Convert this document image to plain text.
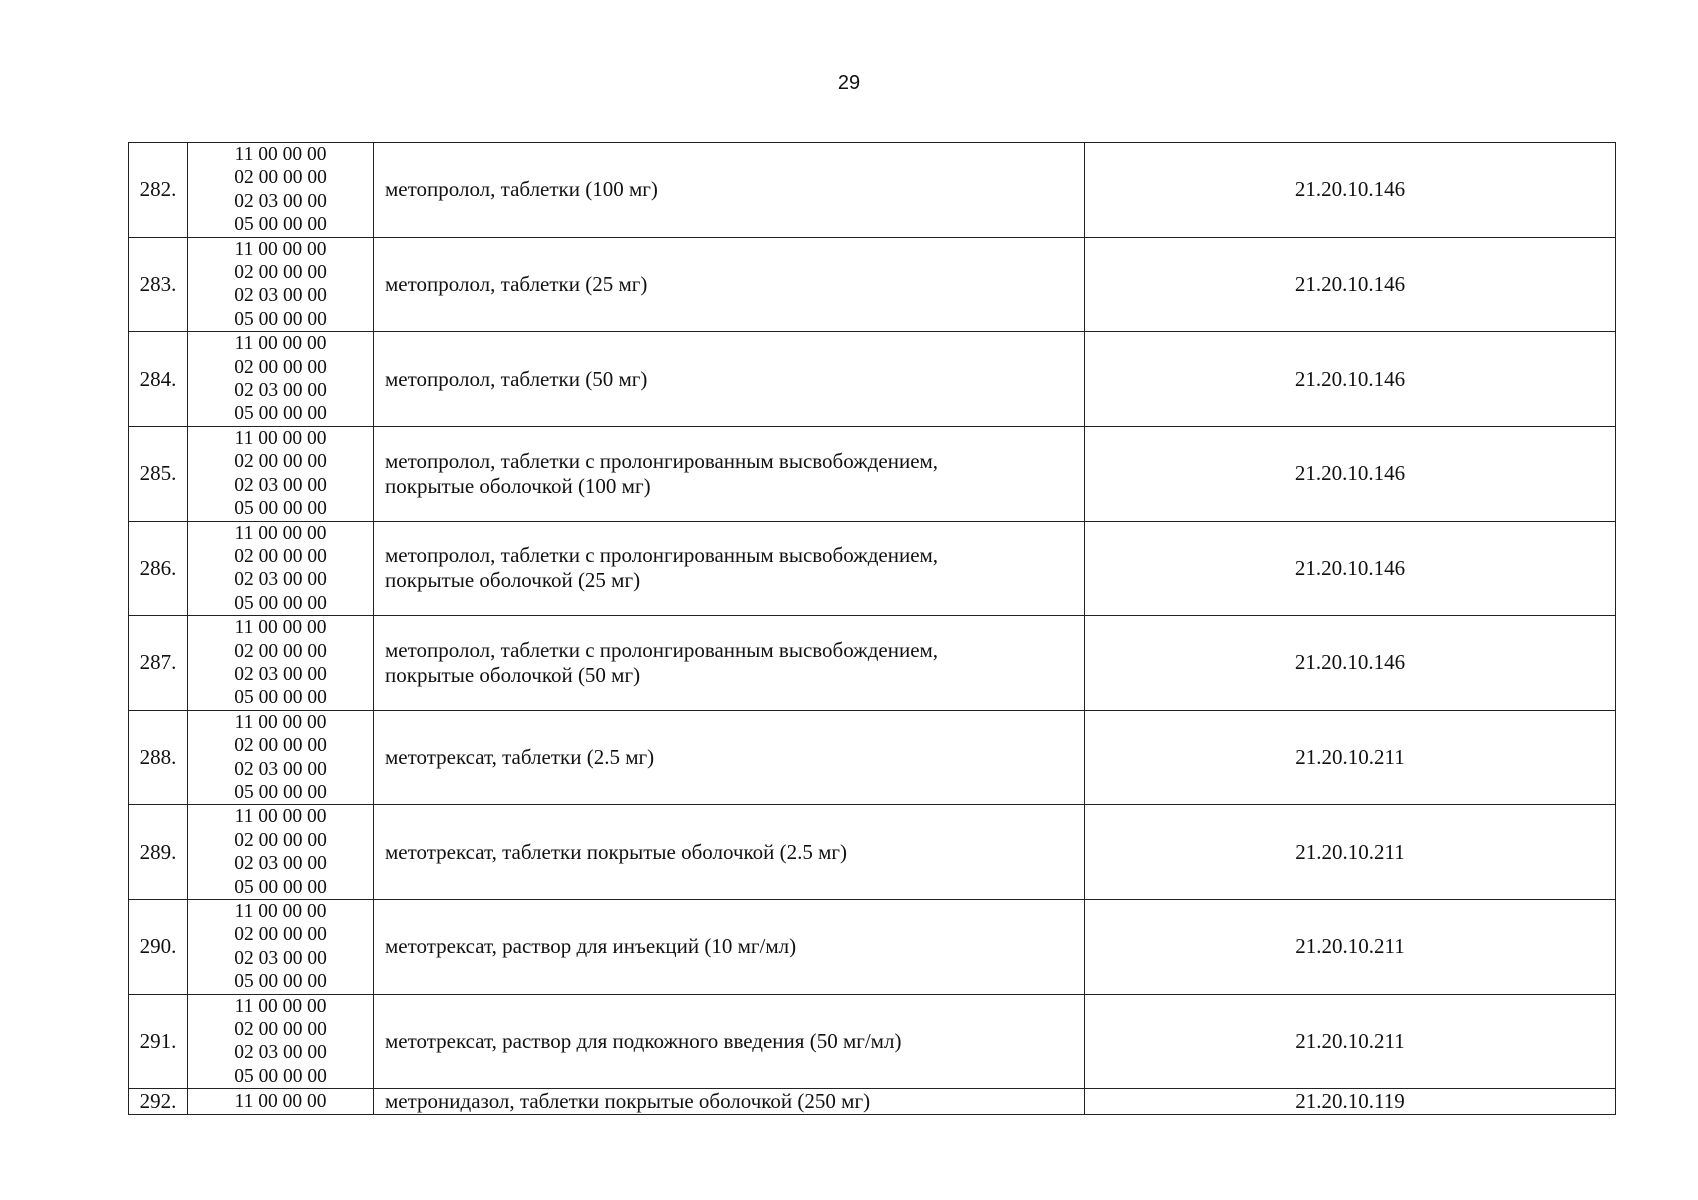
29
282.	11 00 00 00
02 00 00 00
02 03 00 00
05 00 00 00	метопролол, таблетки (100 мг)	21.20.10.146
283.	11 00 00 00
02 00 00 00
02 03 00 00
05 00 00 00	метопролол, таблетки (25 мг)	21.20.10.146
284.	11 00 00 00
02 00 00 00
02 03 00 00
05 00 00 00	метопролол, таблетки (50 мг)	21.20.10.146
285.	11 00 00 00
02 00 00 00
02 03 00 00
05 00 00 00	метопролол, таблетки с пролонгированным высвобождением,
покрытые оболочкой (100 мг)	21.20.10.146
286.	11 00 00 00
02 00 00 00
02 03 00 00
05 00 00 00	метопролол, таблетки с пролонгированным высвобождением,
покрытые оболочкой (25 мг)	21.20.10.146
287.	11 00 00 00
02 00 00 00
02 03 00 00
05 00 00 00	метопролол, таблетки с пролонгированным высвобождением,
покрытые оболочкой (50 мг)	21.20.10.146
288.	11 00 00 00
02 00 00 00
02 03 00 00
05 00 00 00	метотрексат, таблетки (2.5 мг)	21.20.10.211
289.	11 00 00 00
02 00 00 00
02 03 00 00
05 00 00 00	метотрексат, таблетки покрытые оболочкой (2.5 мг)	21.20.10.211
290.	11 00 00 00
02 00 00 00
02 03 00 00
05 00 00 00	метотрексат, раствор для инъекций (10 мг/мл)	21.20.10.211
291.	11 00 00 00
02 00 00 00
02 03 00 00
05 00 00 00	метотрексат, раствор для подкожного введения (50 мг/мл)	21.20.10.211
292.	11 00 00 00	метронидазол, таблетки покрытые оболочкой (250 мг)	21.20.10.119
